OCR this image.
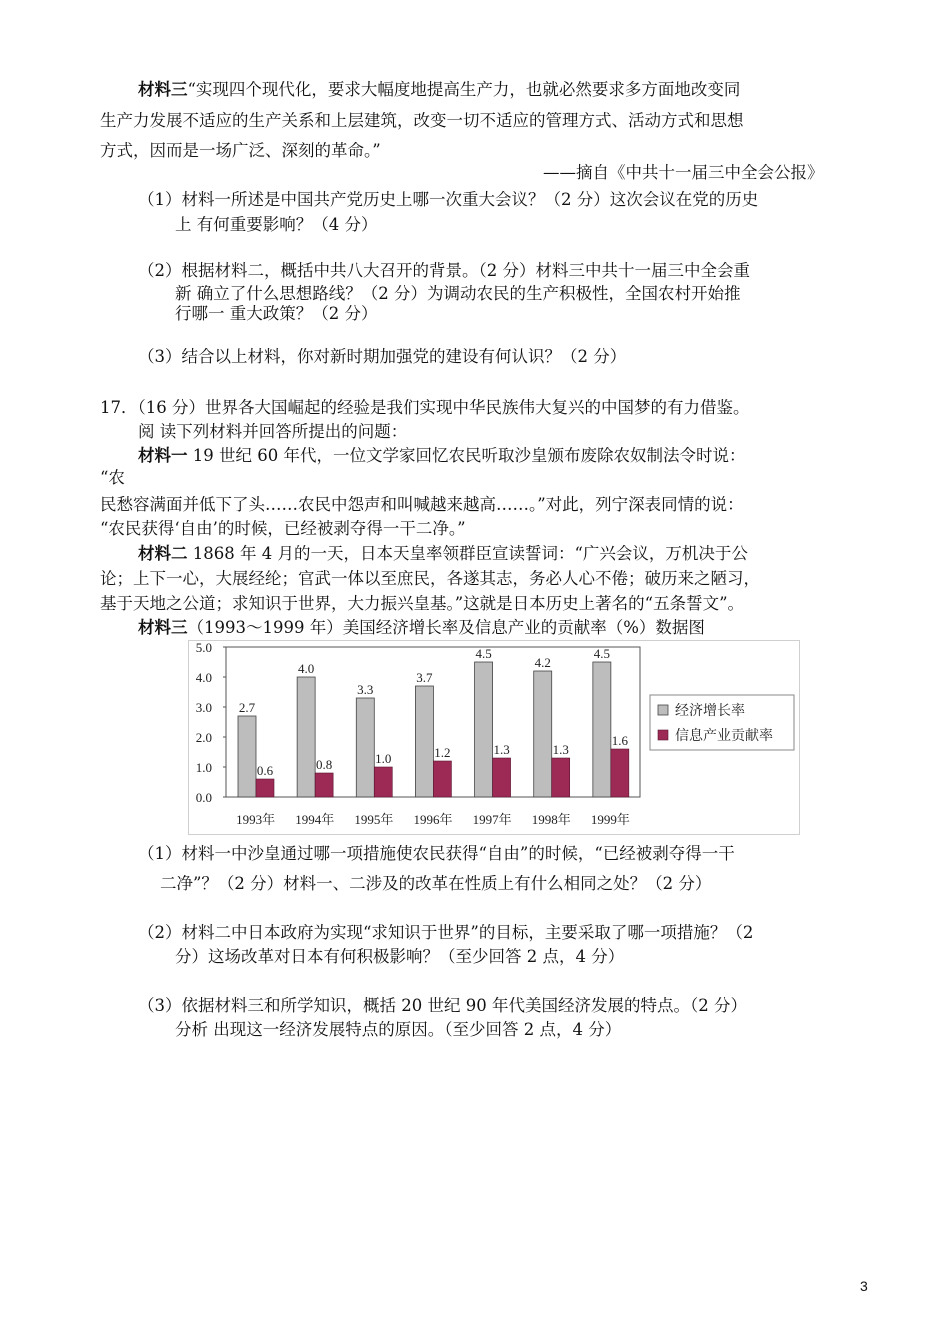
材料三“实现四个现代化，要求大幅度地提高生产力，也就必然要求多方面地改变同
生产力发展不适应的生产关系和上层建筑，改变一切不适应的管理方式、活动方式和思想
方式，因而是一场广泛、深刻的革命。”
——摘自《中共十一届三中全会公报》
（1）材料一所述是中国共产党历史上哪一次重大会议？（2 分）这次会议在党的历史
上 有何重要影响？（4 分）
（2）根据材料二，概括中共八大召开的背景。（2 分）材料三中共十一届三中全会重
新 确立了什么思想路线？（2 分）为调动农民的生产积极性，全国农村开始推
行哪一 重大政策？（2 分）
（3）结合以上材料，你对新时期加强党的建设有何认识？（2 分）
17．（16 分）世界各大国崛起的经验是我们实现中华民族伟大复兴的中国梦的有力借鉴。
阅 读下列材料并回答所提出的问题：
材料一 19 世纪 60 年代，一位文学家回忆农民听取沙皇颁布废除农奴制法令时说：
“农
民愁容满面并低下了头……农民中怨声和叫喊越来越高……。”对此，列宁深表同情的说：
“农民获得‘自由’的时候，已经被剥夺得一干二净。”
材料二 1868 年 4 月的一天，日本天皇率领群臣宣读誓词：“广兴会议，万机决于公
论；上下一心，大展经纶；官武一体以至庶民，各遂其志，务必人心不倦；破历来之陋习，
基于天地之公道；求知识于世界，大力振兴皇基。”这就是日本历史上著名的“五条誓文”。
材料三（1993～1999 年）美国经济增长率及信息产业的贡献率（%）数据图
0.0
1.0
2.0
3.0
4.0
5.0
2.7
0.6
1993年
4.0
0.8
1994年
3.3
1.0
1995年
3.7
1.2
1996年
4.5
1.3
1997年
4.2
1.3
1998年
4.5
1.6
1999年
经济增长率
信息产业贡献率
（1）材料一中沙皇通过哪一项措施使农民获得“自由”的时候，“已经被剥夺得一干
二净”？（2 分）材料一、二涉及的改革在性质上有什么相同之处？（2 分）
（2）材料二中日本政府为实现“求知识于世界”的目标，主要采取了哪一项措施？（2
分）这场改革对日本有何积极影响？（至少回答 2 点，4 分）
（3）依据材料三和所学知识，概括 20 世纪 90 年代美国经济发展的特点。（2 分）
分析 出现这一经济发展特点的原因。（至少回答 2 点，4 分）
3
